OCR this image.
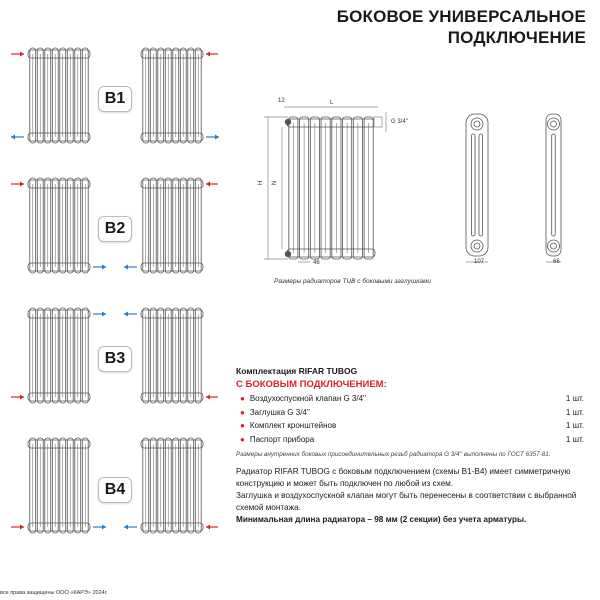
БОКОВОЕ УНИВЕРСАЛЬНОЕ
ПОДКЛЮЧЕНИЕ
B1
B2
B3
B4
12	L
G 3/4''
H N
46	107	66
Размеры радиаторов TUB с боковыми заглушками
Комплектация RIFAR TUBOG
С БОКОВЫМ ПОДКЛЮЧЕНИЕМ:
● Воздухоспускной клапан G 3/4''	1 шт.
● Заглушка G 3/4''	1 шт.
● Комплект кронштейнов	1 шт.
● Паспорт прибора	1 шт.
Размеры внутренних боковых присоединительных резьб радиатора G 3/4'' выполнены по ГОСТ 6357-81.

Радиатор RIFAR TUBOG с боковым подключением (схемы В1-В4) имеет симметричную конструкцию и может быть подключен по любой из схем.

Заглушка и воздухоспускной клапан могут быть перенесены в соответствии с выбранной схемой монтажа.

Минимальная длина радиатора – 98 мм (2 секции) без учета арматуры.

все права защищены ООО «КАРЭ» 2024г.
